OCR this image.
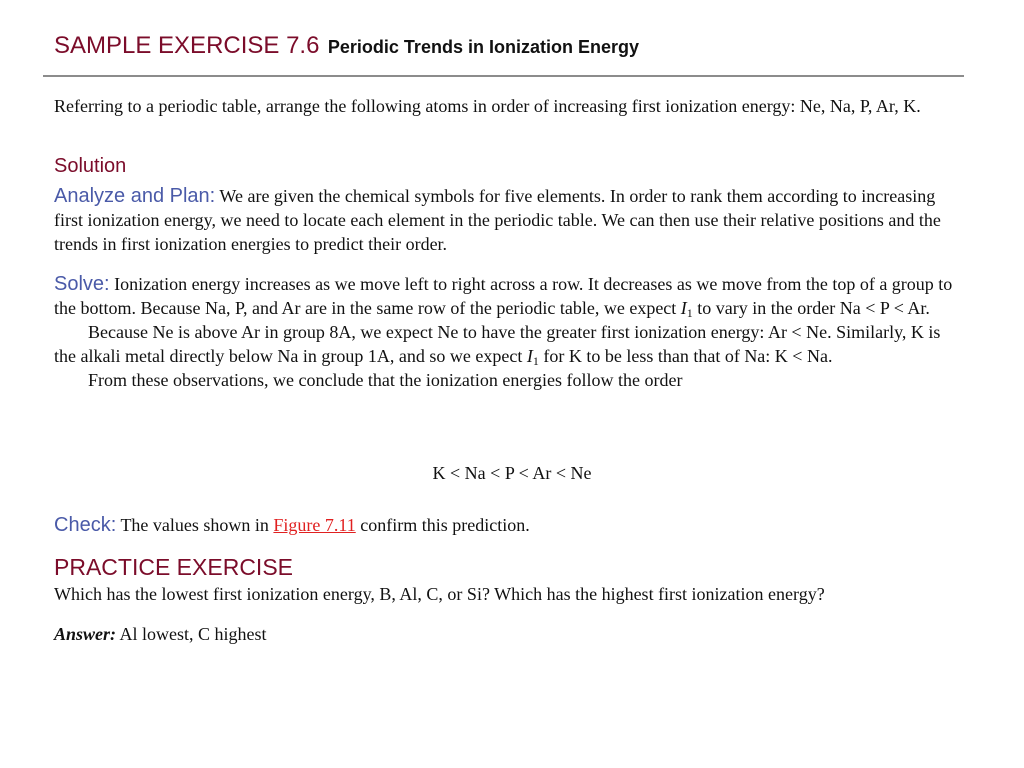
SAMPLE EXERCISE 7.6 Periodic Trends in Ionization Energy
Referring to a periodic table, arrange the following atoms in order of increasing first ionization energy: Ne, Na, P, Ar, K.
Solution
Analyze and Plan: We are given the chemical symbols for five elements. In order to rank them according to increasing first ionization energy, we need to locate each element in the periodic table. We can then use their relative positions and the trends in first ionization energies to predict their order.
Solve: Ionization energy increases as we move left to right across a row. It decreases as we move from the top of a group to the bottom. Because Na, P, and Ar are in the same row of the periodic table, we expect $I_1$ to vary in the order Na < P < Ar.
Because Ne is above Ar in group 8A, we expect Ne to have the greater first ionization energy: Ar < Ne. Similarly, K is the alkali metal directly below Na in group 1A, and so we expect $I_1$ for K to be less than that of Na: K < Na.
From these observations, we conclude that the ionization energies follow the order
K < Na < P < Ar < Ne
Check: The values shown in Figure 7.11 confirm this prediction.
PRACTICE EXERCISE
Which has the lowest first ionization energy, B, Al, C, or Si? Which has the highest first ionization energy?
Answer: Al lowest, C highest
